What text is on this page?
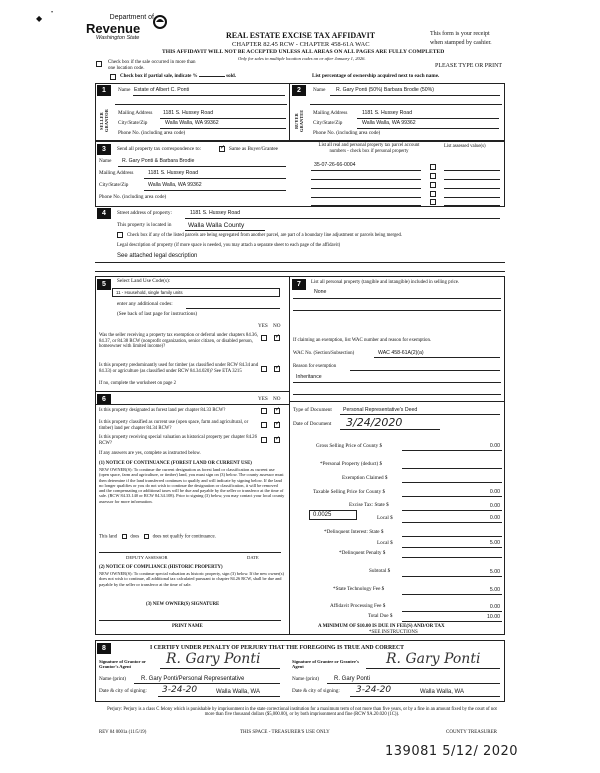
Department of
Revenue
Washington State
◆
•
REAL ESTATE EXCISE TAX AFFIDAVIT
CHAPTER 82.45 RCW - CHAPTER 458-61A WAC
THIS AFFIDAVIT WILL NOT BE ACCEPTED UNLESS ALL AREAS ON ALL PAGES ARE FULLY COMPLETED
Only for sales in multiple location codes on or after January 1, 2026.
This form is your receipt
when stamped by cashier.
PLEASE TYPE OR PRINT
Check box if the sale occurred in more than one location code.
Check box if partial sale, indicate %	sold.	List percentage of ownership acquired next to each name.
1
SELLER GRANTOR
Name Estate of Albert C. Ponti
Mailing Address 1181 S. Hussey Road
City/State/Zip	Walla Walla, WA 99362
Phone No. (including area code)
2
BUYER GRANTEE
Name R. Gary Ponti (50%) Barbara Brodie (50%)
Mailing Address	1181 S. Hussey Road
City/State/Zip	Walla Walla, WA 99362
Phone No. (including area code)
3	Send all property tax correspondence to: ✓	Same as Buyer/Grantee
Name R. Gary Ponti & Barbara Brodie
Mailing Address	1181 S. Hussey Road
City/State/Zip	Walla Walla, WA 99362
Phone No. (including area code)
List all real and personal property tax parcel account numbers - check box if personal property
List assessed value(s)
35-07-26-66-0004
4	Street address of property:	1181 S. Hussey Road
This property is located in	Walla Walla County
Check box if any of the listed parcels are being segregated from another parcel, are part of a boundary line adjustment or parcels being merged.
Legal description of property (if more space is needed, you may attach a separate sheet to each page of the affidavit)
See attached legal description
5	Select Land Use Code(s):
11 - Household, single family units
enter any additional codes:
(See back of last page for instructions)
YES NO
Was the seller receiving a property tax exemption or deferral under chapters 84.36, 84.37, or 84.38 RCW (nonprofit organization, senior citizen, or disabled person, homeowner with limited income)?
✓
Is this property predominantly used for timber (as classified under RCW 84.34 and 84.33) or agriculture (as classified under RCW 84.34.020)? See ETA 3215
If no, complete the worksheet on page 2
✓
7	List all personal property (tangible and intangible) included in selling price.
None
If claiming an exemption, list WAC number and reason for exemption.
WAC No. (Section/Subsection)	WAC 458-61A(2)(a)
Reason for exemption
Inheritance
6	YES NO
Is this property designated as forest land per chapter 84.33 RCW?
✓
Is this property classified as current use (open space, farm and agricultural, or timber) land per chapter 84.34 RCW?
✓
Is this property receiving special valuation as historical property per chapter 84.26 RCW?
✓
If any answers are yes, complete as instructed below.
(1) NOTICE OF CONTINUANCE (FOREST LAND OR CURRENT USE)
NEW OWNER(S): To continue the current designation as forest land or classification as current use (open space, farm and agriculture, or timber) land, you must sign on (3) below. The county assessor must then determine if the land transferred continues to qualify and will indicate by signing below. If the land no longer qualifies or you do not wish to continue the designation or classification, it will be removed and the compensating or additional taxes will be due and payable by the seller or transferor at the time of sale. (RCW 84.33.140 or RCW 84.34.108). Prior to signing (3) below, you may contact your local county assessor for more information.
This land	does	does not qualify for continuance.
DEPUTY ASSESSOR	DATE
(2) NOTICE OF COMPLIANCE (HISTORIC PROPERTY)
NEW OWNER(S): To continue special valuation as historic property, sign (3) below. If the new owner(s) does not wish to continue, all additional tax calculated pursuant to chapter 84.26 RCW, shall be due and payable by the seller or transferor at the time of sale.
(3) NEW OWNER(S) SIGNATURE
PRINT NAME
Type of Document Personal Representative's Deed
Date of Document 3/24/2020
Gross Selling Price of County $	0.00
*Personal Property (deduct) $
Exemption Claimed $
Taxable Selling Price for County $	0.00
Excise Tax: State $	0.00
0.0025	Local $	0.00
*Delinquent Interest: State $
Local $	5.00
*Delinquent Penalty $
Subtotal $	5.00
*State Technology Fee $	5.00
Affidavit Processing Fee $	0.00
Total Due $	10.00
A MINIMUM OF $10.00 IS DUE IN FEE(S) AND/OR TAX
*SEE INSTRUCTIONS
8	I CERTIFY UNDER PENALTY OF PERJURY THAT THE FOREGOING IS TRUE AND CORRECT
Signature of Grantor or Grantor's Agent	R. Gary Ponti	Signature of Grantee or Grantee's Agent	R. Gary Ponti
Name (print)	R. Gary Ponti/Personal Representative	Name (print)	R. Gary Ponti
Date & city of signing: 3-24-20	Walla Walla, WA	Date & city of signing: 3-24-20	Walla Walla, WA
Perjury: Perjury is a class C felony which is punishable by imprisonment in the state correctional institution for a maximum term of not more than five years, or by a fine in an amount fixed by the court of not more than five thousand dollars ($5,000.00), or by both imprisonment and fine (RCW 9A.20.020 (1C)).
REV 84 0001a (11/5/19)	THIS SPACE - TREASURER'S USE ONLY	COUNTY TREASURER
139081 5/12/ 2020
